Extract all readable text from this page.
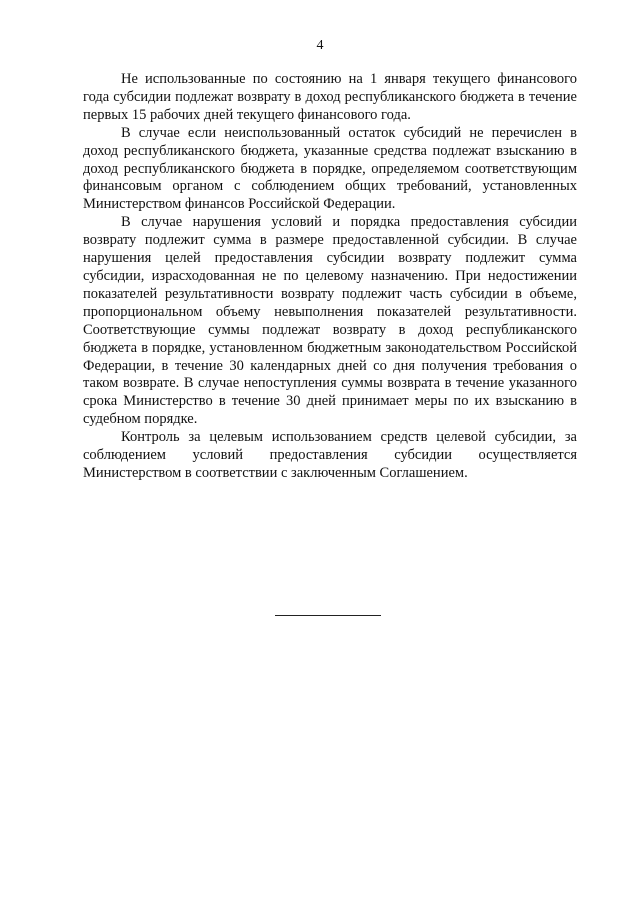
4

Не использованные по состоянию на 1 января текущего финансового года субсидии подлежат возврату в доход республиканского бюджета в течение первых 15 рабочих дней текущего финансового года.

В случае если неиспользованный остаток субсидий не перечислен в доход республиканского бюджета, указанные средства подлежат взысканию в доход республиканского бюджета в порядке, определяемом соответствующим финансовым органом с соблюдением общих требований, установленных Министерством финансов Российской Федерации.

В случае нарушения условий и порядка предоставления субсидии возврату подлежит сумма в размере предоставленной субсидии. В случае нарушения целей предоставления субсидии возврату подлежит сумма субсидии, израсходованная не по целевому назначению. При недостижении показателей результативности возврату подлежит часть субсидии в объеме, пропорциональном объему невыполнения показателей результативности. Соответствующие суммы подлежат возврату в доход республиканского бюджета в порядке, установленном бюджетным законодательством Российской Федерации, в течение 30 календарных дней со дня получения требования о таком возврате. В случае непоступления суммы возврата в течение указанного срока Министерство в течение 30 дней принимает меры по их взысканию в судебном порядке.

Контроль за целевым использованием средств целевой субсидии, за соблюдением условий предоставления субсидии осуществляется Министерством в соответствии с заключенным Соглашением.
